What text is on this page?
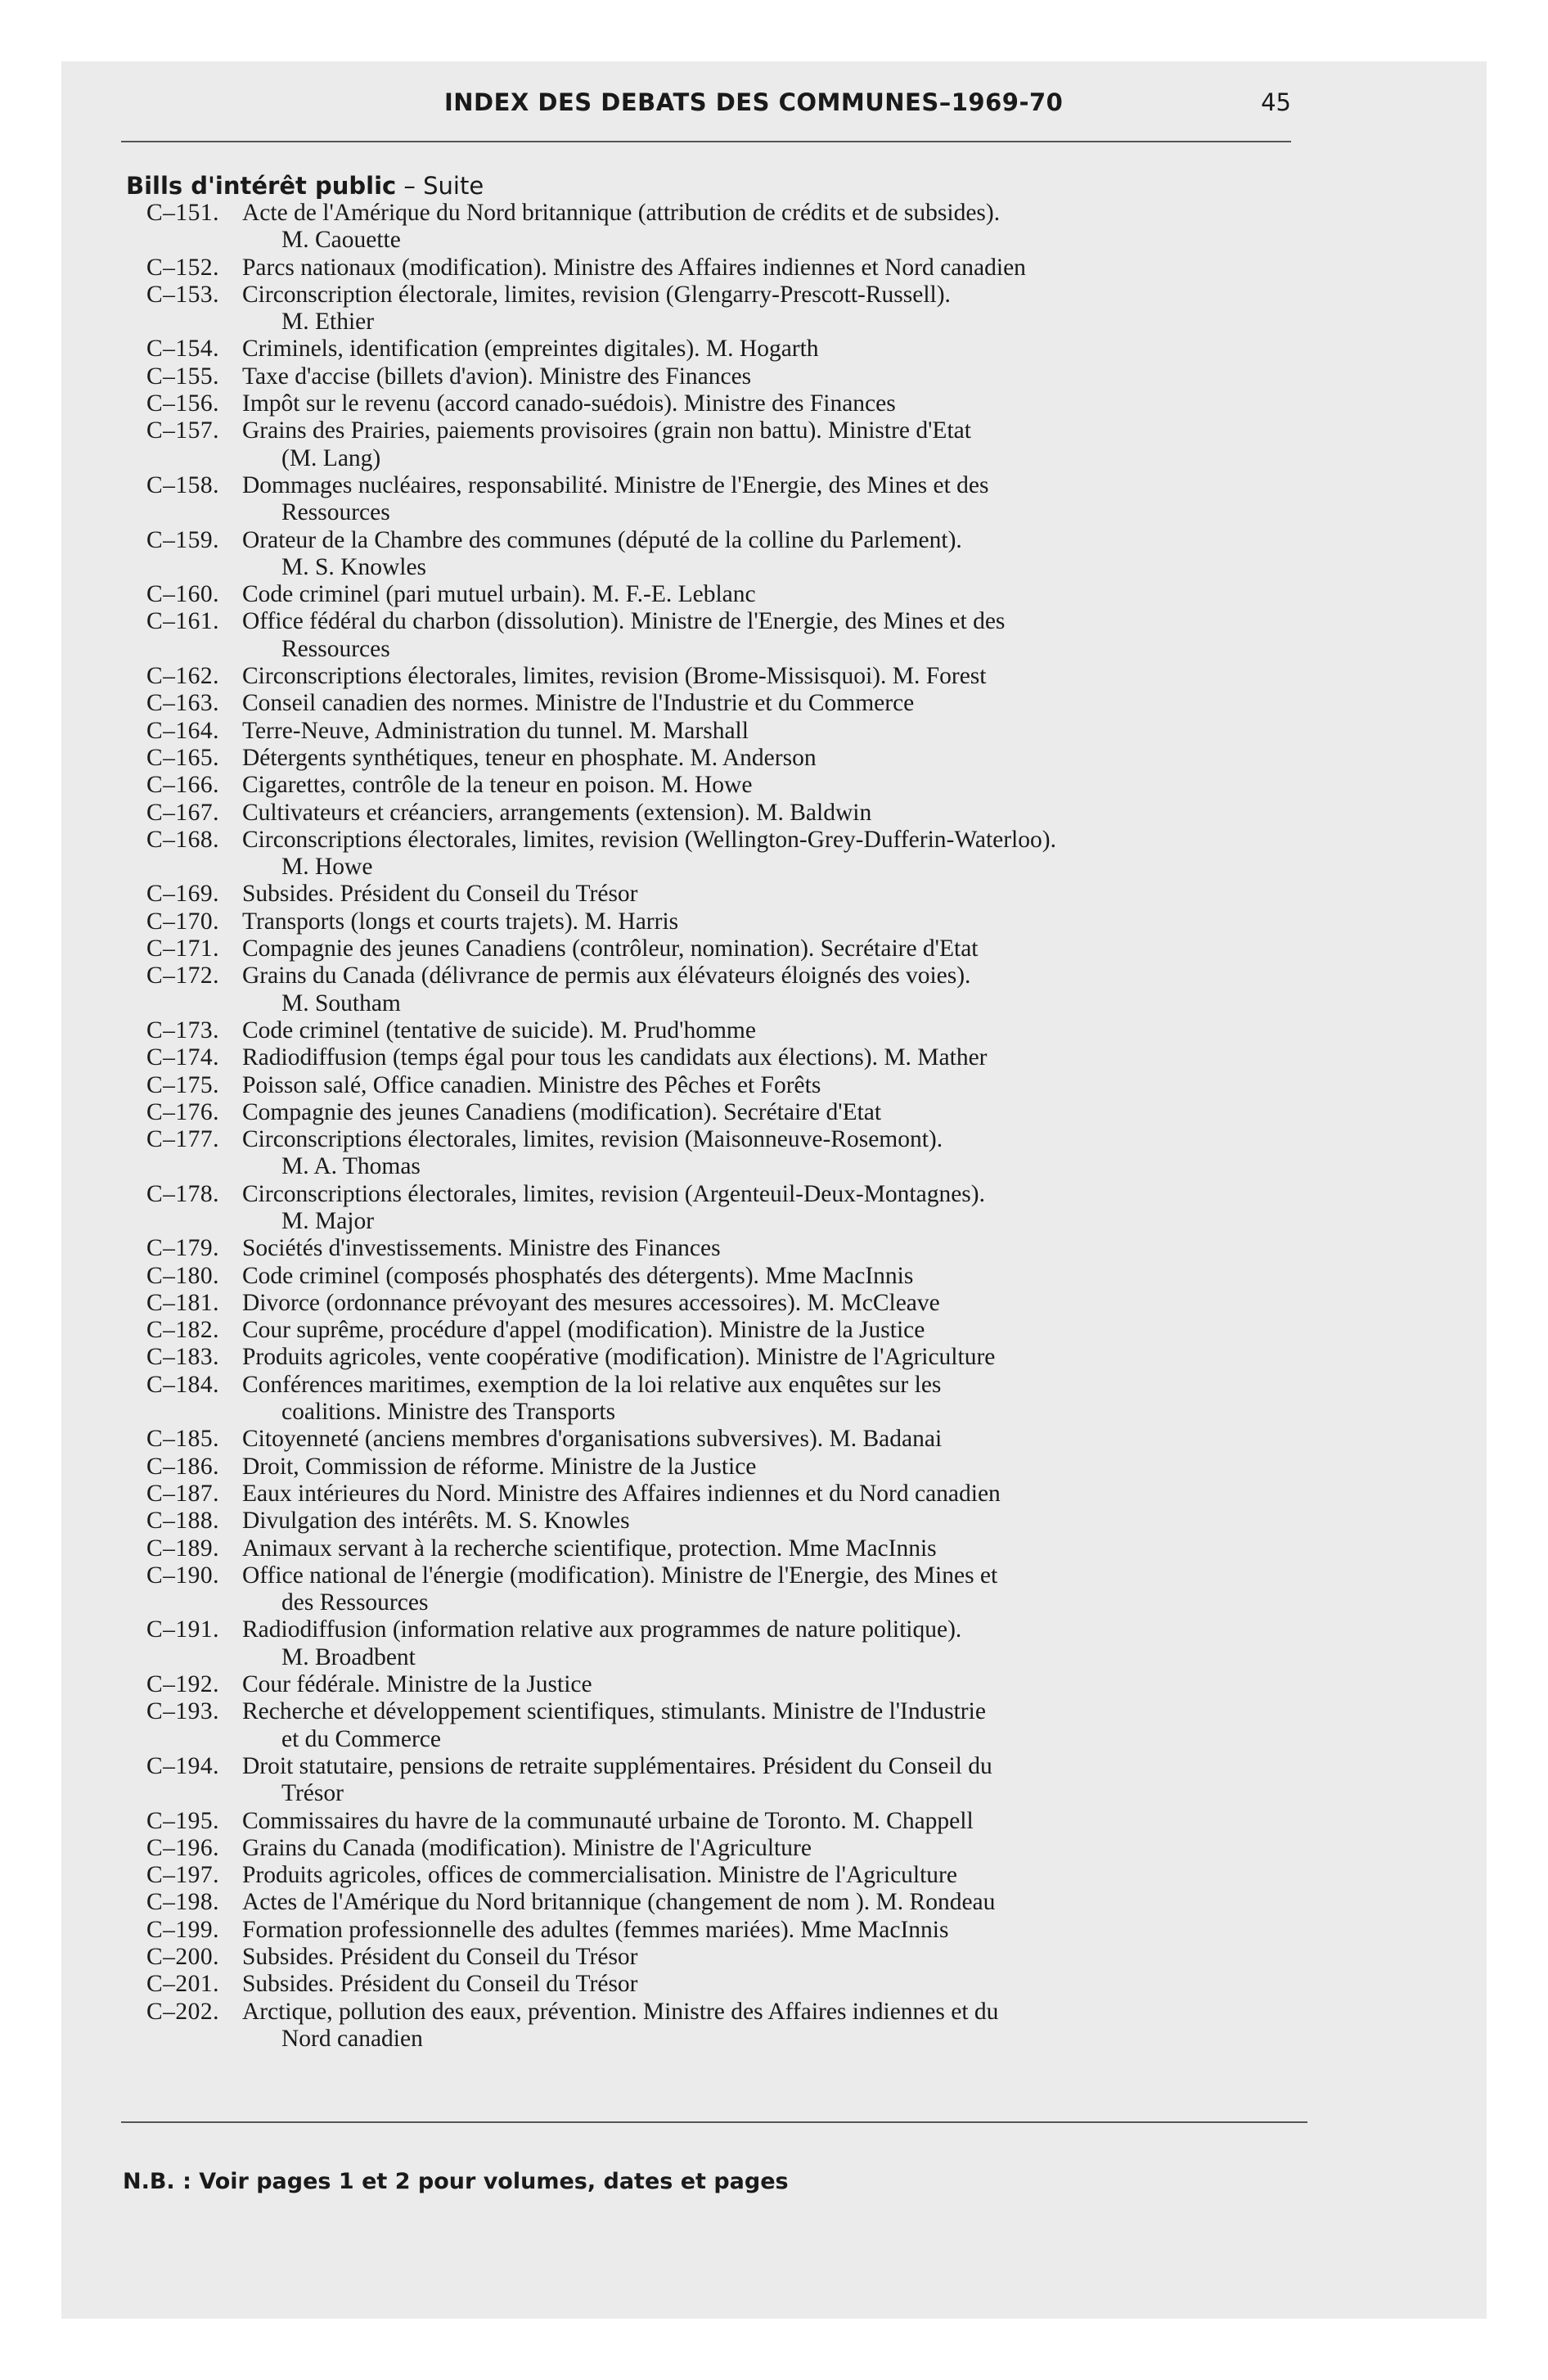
INDEX DES DEBATS DES COMMUNES–1969-70	45
Bills d'intérêt public – Suite
C–151. Acte de l'Amérique du Nord britannique (attribution de crédits et de subsides).
M. Caouette
C–152. Parcs nationaux (modification). Ministre des Affaires indiennes et Nord canadien
C–153. Circonscription électorale, limites, revision (Glengarry-Prescott-Russell).
M. Ethier
C–154. Criminels, identification (empreintes digitales). M. Hogarth
C–155. Taxe d'accise (billets d'avion). Ministre des Finances
C–156. Impôt sur le revenu (accord canado-suédois). Ministre des Finances
C–157. Grains des Prairies, paiements provisoires (grain non battu). Ministre d'Etat
(M. Lang)
C–158. Dommages nucléaires, responsabilité. Ministre de l'Energie, des Mines et des
Ressources
C–159. Orateur de la Chambre des communes (député de la colline du Parlement).
M. S. Knowles
C–160. Code criminel (pari mutuel urbain). M. F.-E. Leblanc
C–161. Office fédéral du charbon (dissolution). Ministre de l'Energie, des Mines et des
Ressources
C–162. Circonscriptions électorales, limites, revision (Brome-Missisquoi). M. Forest
C–163. Conseil canadien des normes. Ministre de l'Industrie et du Commerce
C–164. Terre-Neuve, Administration du tunnel. M. Marshall
C–165. Détergents synthétiques, teneur en phosphate. M. Anderson
C–166. Cigarettes, contrôle de la teneur en poison. M. Howe
C–167. Cultivateurs et créanciers, arrangements (extension). M. Baldwin
C–168. Circonscriptions électorales, limites, revision (Wellington-Grey-Dufferin-Waterloo).
M. Howe
C–169. Subsides. Président du Conseil du Trésor
C–170. Transports (longs et courts trajets). M. Harris
C–171. Compagnie des jeunes Canadiens (contrôleur, nomination). Secrétaire d'Etat
C–172. Grains du Canada (délivrance de permis aux élévateurs éloignés des voies).
M. Southam
C–173. Code criminel (tentative de suicide). M. Prud'homme
C–174. Radiodiffusion (temps égal pour tous les candidats aux élections). M. Mather
C–175. Poisson salé, Office canadien. Ministre des Pêches et Forêts
C–176. Compagnie des jeunes Canadiens (modification). Secrétaire d'Etat
C–177. Circonscriptions électorales, limites, revision (Maisonneuve-Rosemont).
M. A. Thomas
C–178. Circonscriptions électorales, limites, revision (Argenteuil-Deux-Montagnes).
M. Major
C–179. Sociétés d'investissements. Ministre des Finances
C–180. Code criminel (composés phosphatés des détergents). Mme MacInnis
C–181. Divorce (ordonnance prévoyant des mesures accessoires). M. McCleave
C–182. Cour suprême, procédure d'appel (modification). Ministre de la Justice
C–183. Produits agricoles, vente coopérative (modification). Ministre de l'Agriculture
C–184. Conférences maritimes, exemption de la loi relative aux enquêtes sur les
coalitions. Ministre des Transports
C–185. Citoyenneté (anciens membres d'organisations subversives). M. Badanai
C–186. Droit, Commission de réforme. Ministre de la Justice
C–187. Eaux intérieures du Nord. Ministre des Affaires indiennes et du Nord canadien
C–188. Divulgation des intérêts. M. S. Knowles
C–189. Animaux servant à la recherche scientifique, protection. Mme MacInnis
C–190. Office national de l'énergie (modification). Ministre de l'Energie, des Mines et
des Ressources
C–191. Radiodiffusion (information relative aux programmes de nature politique).
M. Broadbent
C–192. Cour fédérale. Ministre de la Justice
C–193. Recherche et développement scientifiques, stimulants. Ministre de l'Industrie
et du Commerce
C–194. Droit statutaire, pensions de retraite supplémentaires. Président du Conseil du
Trésor
C–195. Commissaires du havre de la communauté urbaine de Toronto. M. Chappell
C–196. Grains du Canada (modification). Ministre de l'Agriculture
C–197. Produits agricoles, offices de commercialisation. Ministre de l'Agriculture
C–198. Actes de l'Amérique du Nord britannique (changement de nom ). M. Rondeau
C–199. Formation professionnelle des adultes (femmes mariées). Mme MacInnis
C–200. Subsides. Président du Conseil du Trésor
C–201. Subsides. Président du Conseil du Trésor
C–202. Arctique, pollution des eaux, prévention. Ministre des Affaires indiennes et du
Nord canadien
N.B. : Voir pages 1 et 2 pour volumes, dates et pages
